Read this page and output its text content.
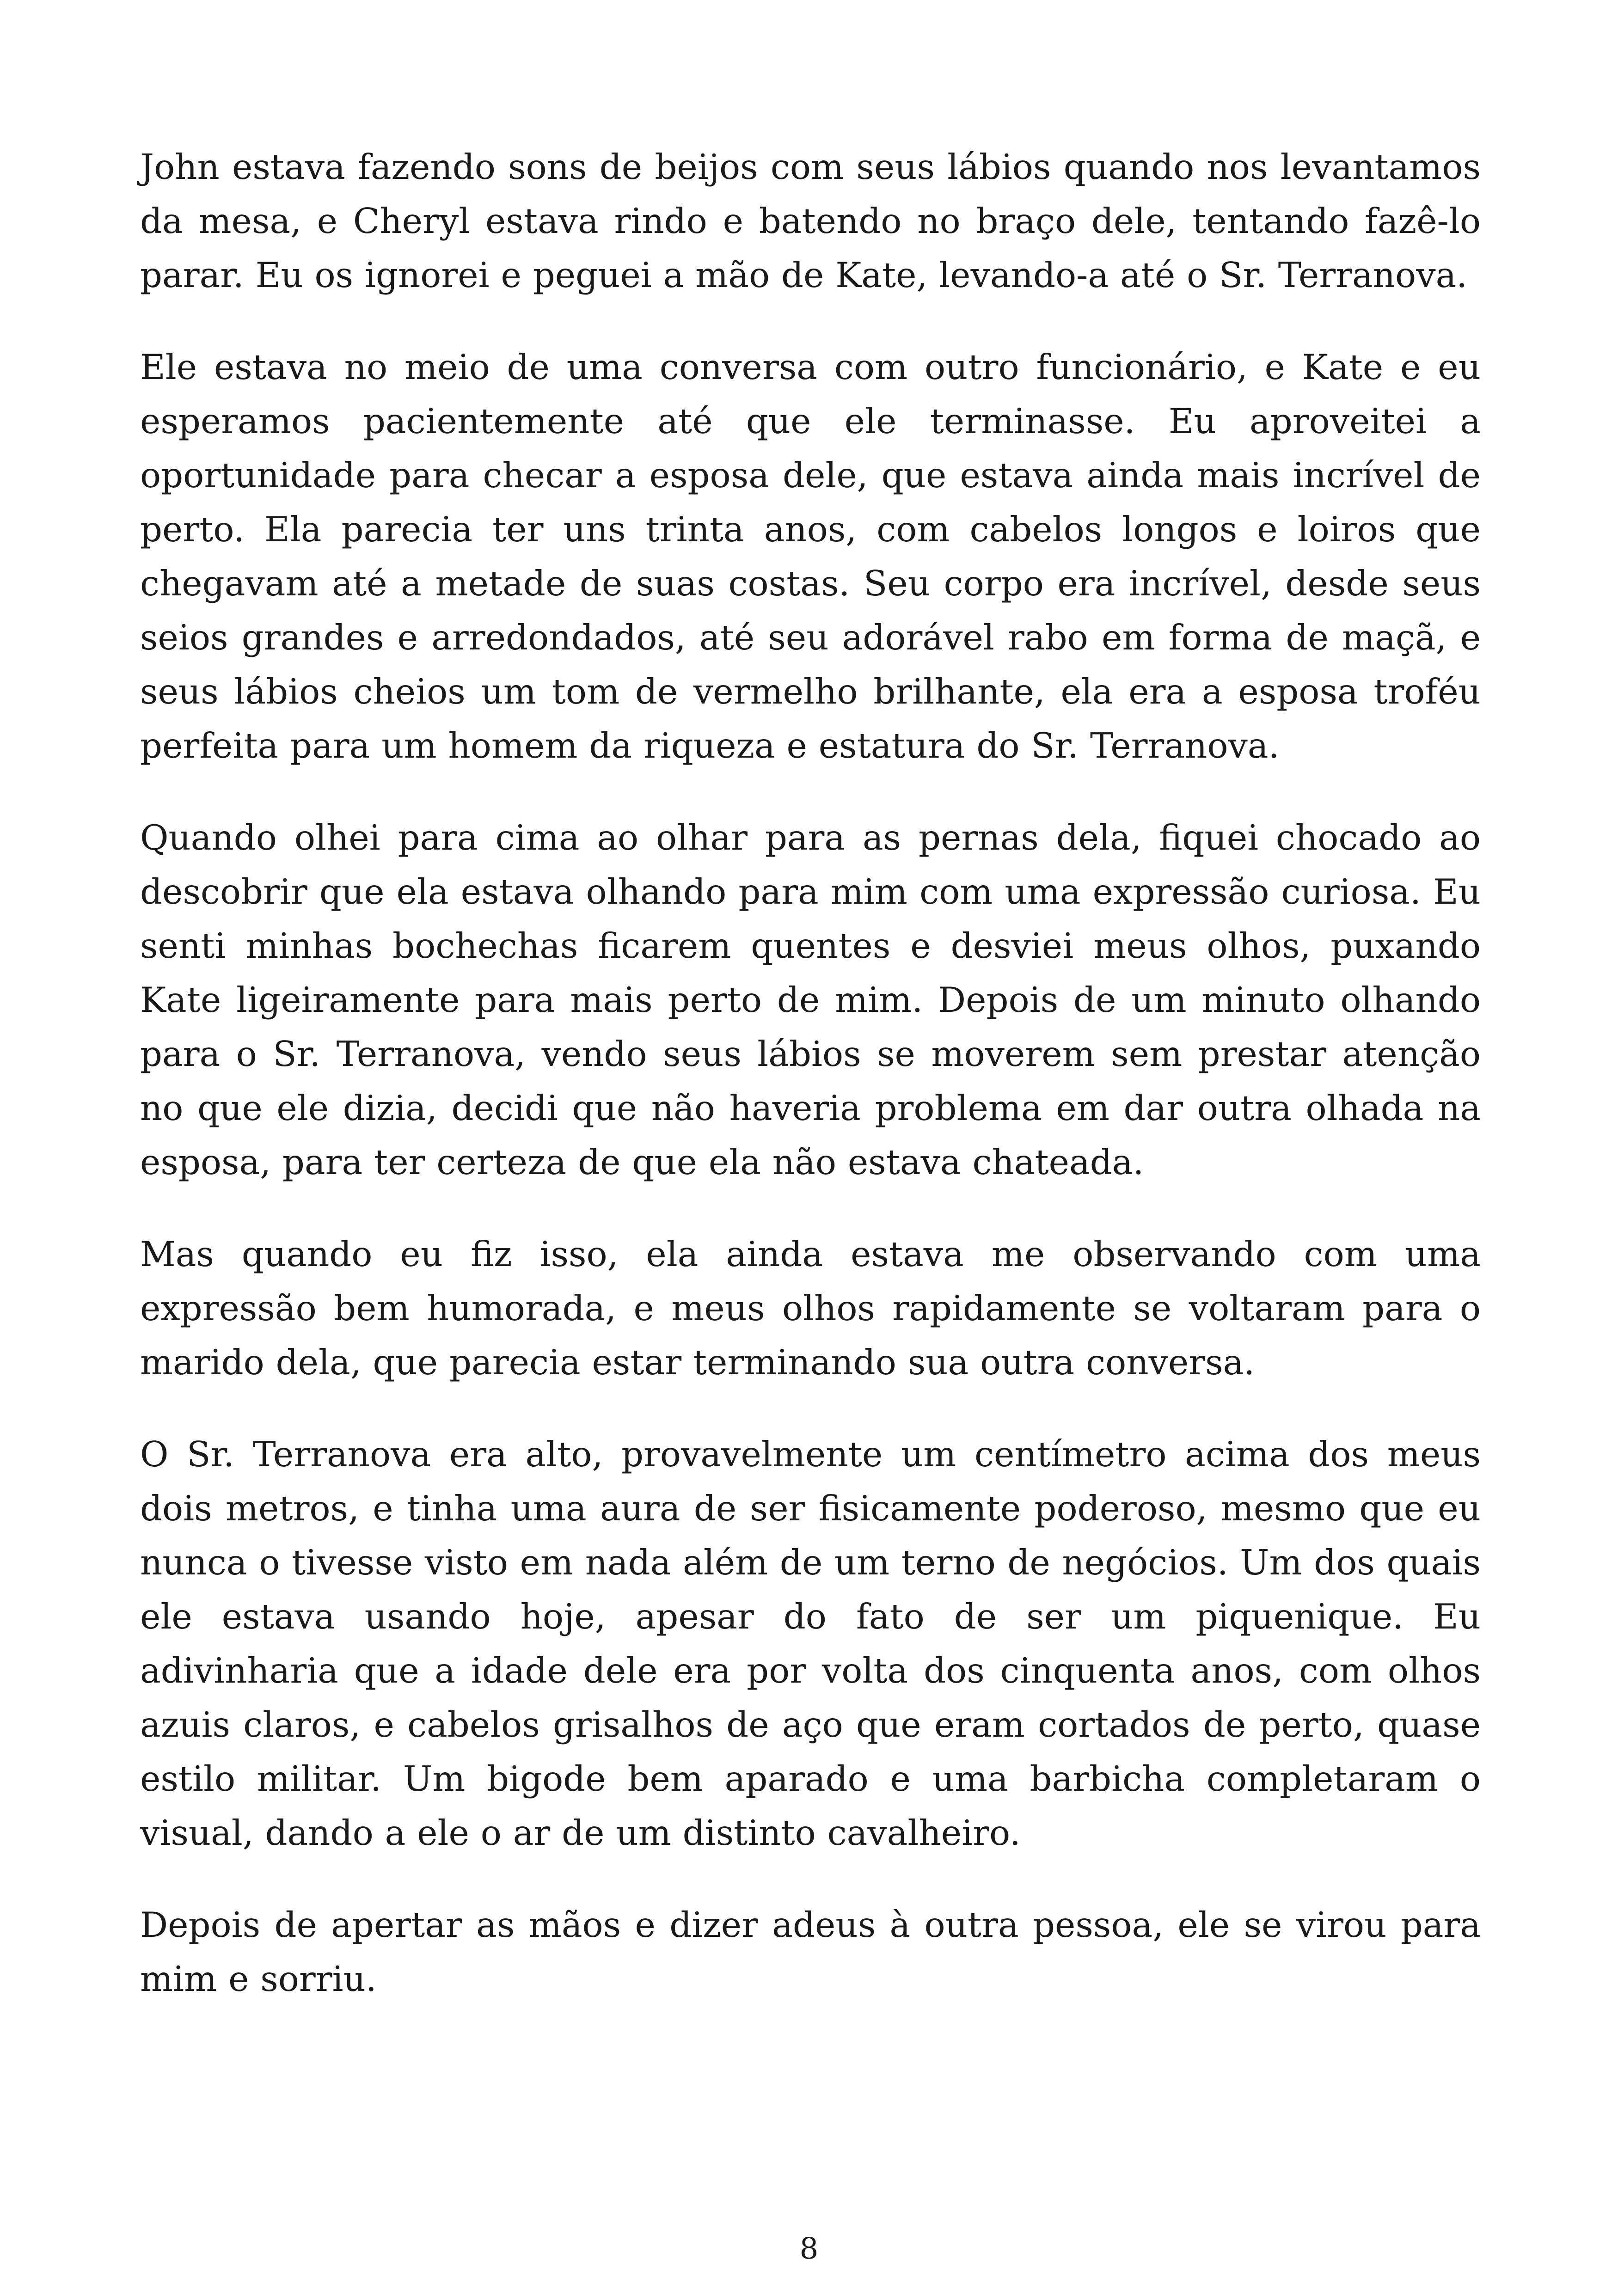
John estava fazendo sons de beijos com seus lábios quando nos levantamos da mesa, e Cheryl estava rindo e batendo no braço dele, tentando fazê-lo parar. Eu os ignorei e peguei a mão de Kate, levando-a até o Sr. Terranova.

Ele estava no meio de uma conversa com outro funcionário, e Kate e eu esperamos pacientemente até que ele terminasse. Eu aproveitei a oportunidade para checar a esposa dele, que estava ainda mais incrível de perto. Ela parecia ter uns trinta anos, com cabelos longos e loiros que chegavam até a metade de suas costas. Seu corpo era incrível, desde seus seios grandes e arredondados, até seu adorável rabo em forma de maçã, e seus lábios cheios um tom de vermelho brilhante, ela era a esposa troféu perfeita para um homem da riqueza e estatura do Sr. Terranova.

Quando olhei para cima ao olhar para as pernas dela, fiquei chocado ao descobrir que ela estava olhando para mim com uma expressão curiosa. Eu senti minhas bochechas ficarem quentes e desviei meus olhos, puxando Kate ligeiramente para mais perto de mim. Depois de um minuto olhando para o Sr. Terranova, vendo seus lábios se moverem sem prestar atenção no que ele dizia, decidi que não haveria problema em dar outra olhada na esposa, para ter certeza de que ela não estava chateada.

Mas quando eu fiz isso, ela ainda estava me observando com uma expressão bem humorada, e meus olhos rapidamente se voltaram para o marido dela, que parecia estar terminando sua outra conversa.

O Sr. Terranova era alto, provavelmente um centímetro acima dos meus dois metros, e tinha uma aura de ser fisicamente poderoso, mesmo que eu nunca o tivesse visto em nada além de um terno de negócios. Um dos quais ele estava usando hoje, apesar do fato de ser um piquenique. Eu adivinharia que a idade dele era por volta dos cinquenta anos, com olhos azuis claros, e cabelos grisalhos de aço que eram cortados de perto, quase estilo militar. Um bigode bem aparado e uma barbicha completaram o visual, dando a ele o ar de um distinto cavalheiro.

Depois de apertar as mãos e dizer adeus à outra pessoa, ele se virou para mim e sorriu.

8
